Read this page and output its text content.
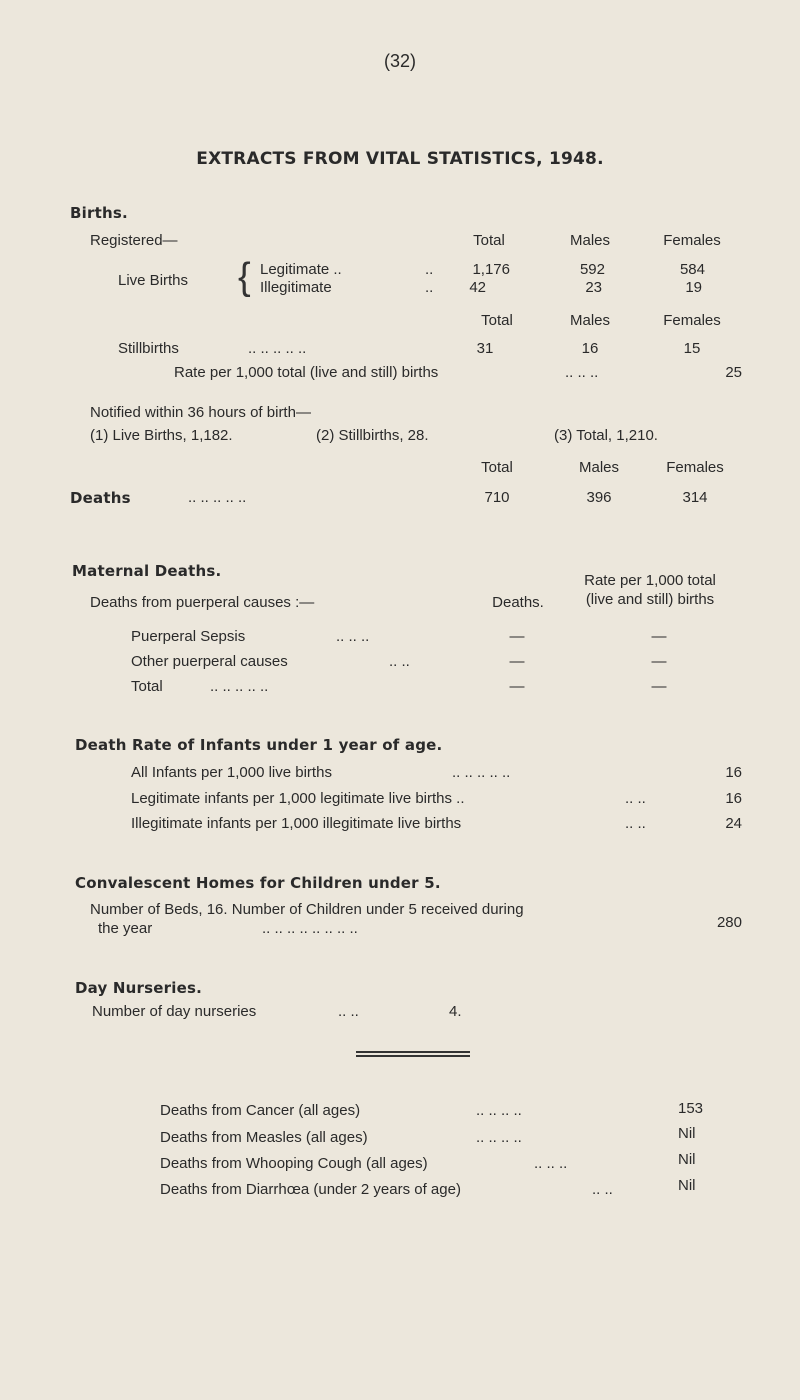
(32)
EXTRACTS FROM VITAL STATISTICS, 1948.
Births.
Registered—	Total	Males	Females
Live Births { Legitimate ..	..	1,176	592	584
Illegitimate	..	42	23	19
Total	Males	Females
Stillbirths	.. .. .. .. ..	31	16	15
Rate per 1,000 total (live and still) births	.. .. ..	25
Notified within 36 hours of birth—
(1) Live Births, 1,182.	(2) Stillbirths, 28.	(3) Total, 1,210.
Total	Males	Females
Deaths	.. .. .. .. ..	710	396	314
Maternal Deaths.
Rate per 1,000 total
(live and still) births
Deaths from puerperal causes :—	Deaths.
Puerperal Sepsis	.. .. ..	—	—
Other puerperal causes	.. ..	—	—
Total	.. .. .. .. ..	—	—
Death Rate of Infants under 1 year of age.
All Infants per 1,000 live births	.. .. .. .. ..	16
Legitimate infants per 1,000 legitimate live births ..	.. ..	16
Illegitimate infants per 1,000 illegitimate live births	.. ..	24
Convalescent Homes for Children under 5.
Number of Beds, 16. Number of Children under 5 received during
the year	.. .. .. .. .. .. .. ..	280
Day Nurseries.
Number of day nurseries	.. ..	4.
Deaths from Cancer (all ages)	.. .. .. ..	153
Deaths from Measles (all ages)	.. .. .. ..	Nil
Deaths from Whooping Cough (all ages)	.. .. ..	Nil
Deaths from Diarrhœa (under 2 years of age)	.. ..	Nil
